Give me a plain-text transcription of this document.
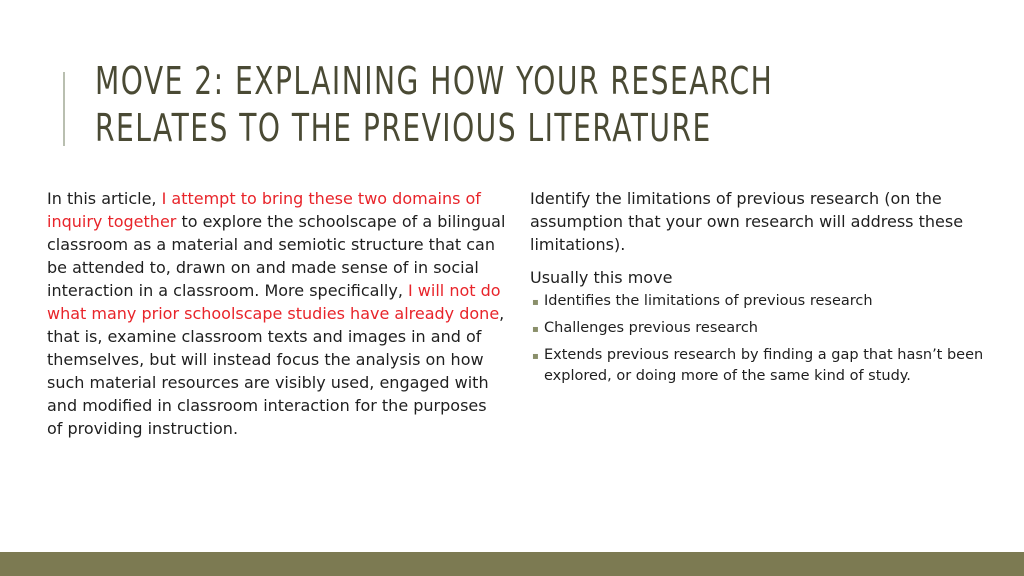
MOVE 2: EXPLAINING HOW YOUR RESEARCH
RELATES TO THE PREVIOUS LITERATURE
In this article, I attempt to bring these two domains of inquiry together to explore the schoolscape of a bilingual classroom as a material and semiotic structure that can be attended to, drawn on and made sense of in social interaction in a classroom. More specifically, I will not do what many prior schoolscape studies have already done, that is, examine classroom texts and images in and of themselves, but will instead focus the analysis on how such material resources are visibly used, engaged with and modified in classroom interaction for the purposes of providing instruction.

Identify the limitations of previous research (on the assumption that your own research will address these limitations).

Usually this move

▪ Identifies the limitations of previous research
▪ Challenges previous research
▪ Extends previous research by finding a gap that hasn’t been explored, or doing more of the same kind of study.
